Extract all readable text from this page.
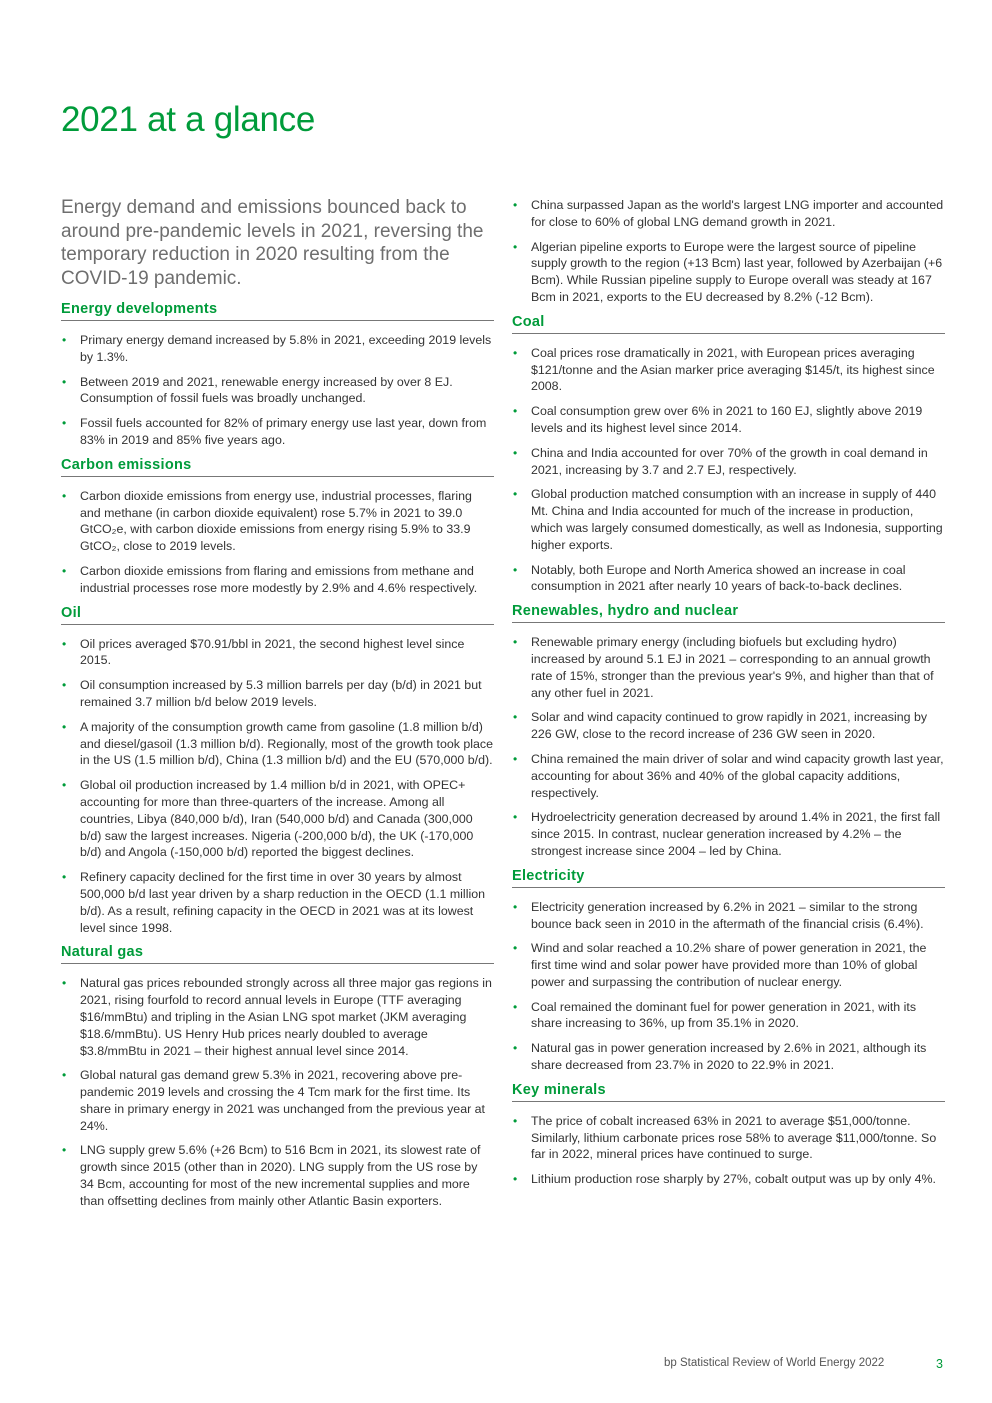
2021 at a glance

Energy demand and emissions bounced back to around pre-pandemic levels in 2021, reversing the temporary reduction in 2020 resulting from the COVID-19 pandemic.

Energy developments
• Primary energy demand increased by 5.8% in 2021, exceeding 2019 levels by 1.3%.
• Between 2019 and 2021, renewable energy increased by over 8 EJ. Consumption of fossil fuels was broadly unchanged.
• Fossil fuels accounted for 82% of primary energy use last year, down from 83% in 2019 and 85% five years ago.
Carbon emissions
• Carbon dioxide emissions from energy use, industrial processes, flaring and methane (in carbon dioxide equivalent) rose 5.7% in 2021 to 39.0 GtCO₂e, with carbon dioxide emissions from energy rising 5.9% to 33.9 GtCO₂, close to 2019 levels.
• Carbon dioxide emissions from flaring and emissions from methane and industrial processes rose more modestly by 2.9% and 4.6% respectively.
Oil
• Oil prices averaged $70.91/bbl in 2021, the second highest level since 2015.
• Oil consumption increased by 5.3 million barrels per day (b/d) in 2021 but remained 3.7 million b/d below 2019 levels.
• A majority of the consumption growth came from gasoline (1.8 million b/d) and diesel/gasoil (1.3 million b/d). Regionally, most of the growth took place in the US (1.5 million b/d), China (1.3 million b/d) and the EU (570,000 b/d).
• Global oil production increased by 1.4 million b/d in 2021, with OPEC+ accounting for more than three-quarters of the increase. Among all countries, Libya (840,000 b/d), Iran (540,000 b/d) and Canada (300,000 b/d) saw the largest increases. Nigeria (-200,000 b/d), the UK (-170,000 b/d) and Angola (-150,000 b/d) reported the biggest declines.
• Refinery capacity declined for the first time in over 30 years by almost 500,000 b/d last year driven by a sharp reduction in the OECD (1.1 million b/d). As a result, refining capacity in the OECD in 2021 was at its lowest level since 1998.
Natural gas
• Natural gas prices rebounded strongly across all three major gas regions in 2021, rising fourfold to record annual levels in Europe (TTF averaging $16/mmBtu) and tripling in the Asian LNG spot market (JKM averaging $18.6/mmBtu). US Henry Hub prices nearly doubled to average $3.8/mmBtu in 2021 – their highest annual level since 2014.
• Global natural gas demand grew 5.3% in 2021, recovering above pre-pandemic 2019 levels and crossing the 4 Tcm mark for the first time. Its share in primary energy in 2021 was unchanged from the previous year at 24%.
• LNG supply grew 5.6% (+26 Bcm) to 516 Bcm in 2021, its slowest rate of growth since 2015 (other than in 2020). LNG supply from the US rose by 34 Bcm, accounting for most of the new incremental supplies and more than offsetting declines from mainly other Atlantic Basin exporters.
• China surpassed Japan as the world's largest LNG importer and accounted for close to 60% of global LNG demand growth in 2021.
• Algerian pipeline exports to Europe were the largest source of pipeline supply growth to the region (+13 Bcm) last year, followed by Azerbaijan (+6 Bcm). While Russian pipeline supply to Europe overall was steady at 167 Bcm in 2021, exports to the EU decreased by 8.2% (-12 Bcm).
Coal
• Coal prices rose dramatically in 2021, with European prices averaging $121/tonne and the Asian marker price averaging $145/t, its highest since 2008.
• Coal consumption grew over 6% in 2021 to 160 EJ, slightly above 2019 levels and its highest level since 2014.
• China and India accounted for over 70% of the growth in coal demand in 2021, increasing by 3.7 and 2.7 EJ, respectively.
• Global production matched consumption with an increase in supply of 440 Mt. China and India accounted for much of the increase in production, which was largely consumed domestically, as well as Indonesia, supporting higher exports.
• Notably, both Europe and North America showed an increase in coal consumption in 2021 after nearly 10 years of back-to-back declines.
Renewables, hydro and nuclear
• Renewable primary energy (including biofuels but excluding hydro) increased by around 5.1 EJ in 2021 – corresponding to an annual growth rate of 15%, stronger than the previous year's 9%, and higher than that of any other fuel in 2021.
• Solar and wind capacity continued to grow rapidly in 2021, increasing by 226 GW, close to the record increase of 236 GW seen in 2020.
• China remained the main driver of solar and wind capacity growth last year, accounting for about 36% and 40% of the global capacity additions, respectively.
• Hydroelectricity generation decreased by around 1.4% in 2021, the first fall since 2015. In contrast, nuclear generation increased by 4.2% – the strongest increase since 2004 – led by China.
Electricity
• Electricity generation increased by 6.2% in 2021 – similar to the strong bounce back seen in 2010 in the aftermath of the financial crisis (6.4%).
• Wind and solar reached a 10.2% share of power generation in 2021, the first time wind and solar power have provided more than 10% of global power and surpassing the contribution of nuclear energy.
• Coal remained the dominant fuel for power generation in 2021, with its share increasing to 36%, up from 35.1% in 2020.
• Natural gas in power generation increased by 2.6% in 2021, although its share decreased from 23.7% in 2020 to 22.9% in 2021.
Key minerals
• The price of cobalt increased 63% in 2021 to average $51,000/tonne. Similarly, lithium carbonate prices rose 58% to average $11,000/tonne. So far in 2022, mineral prices have continued to surge.
• Lithium production rose sharply by 27%, cobalt output was up by only 4%.
bp Statistical Review of World Energy 2022	3
